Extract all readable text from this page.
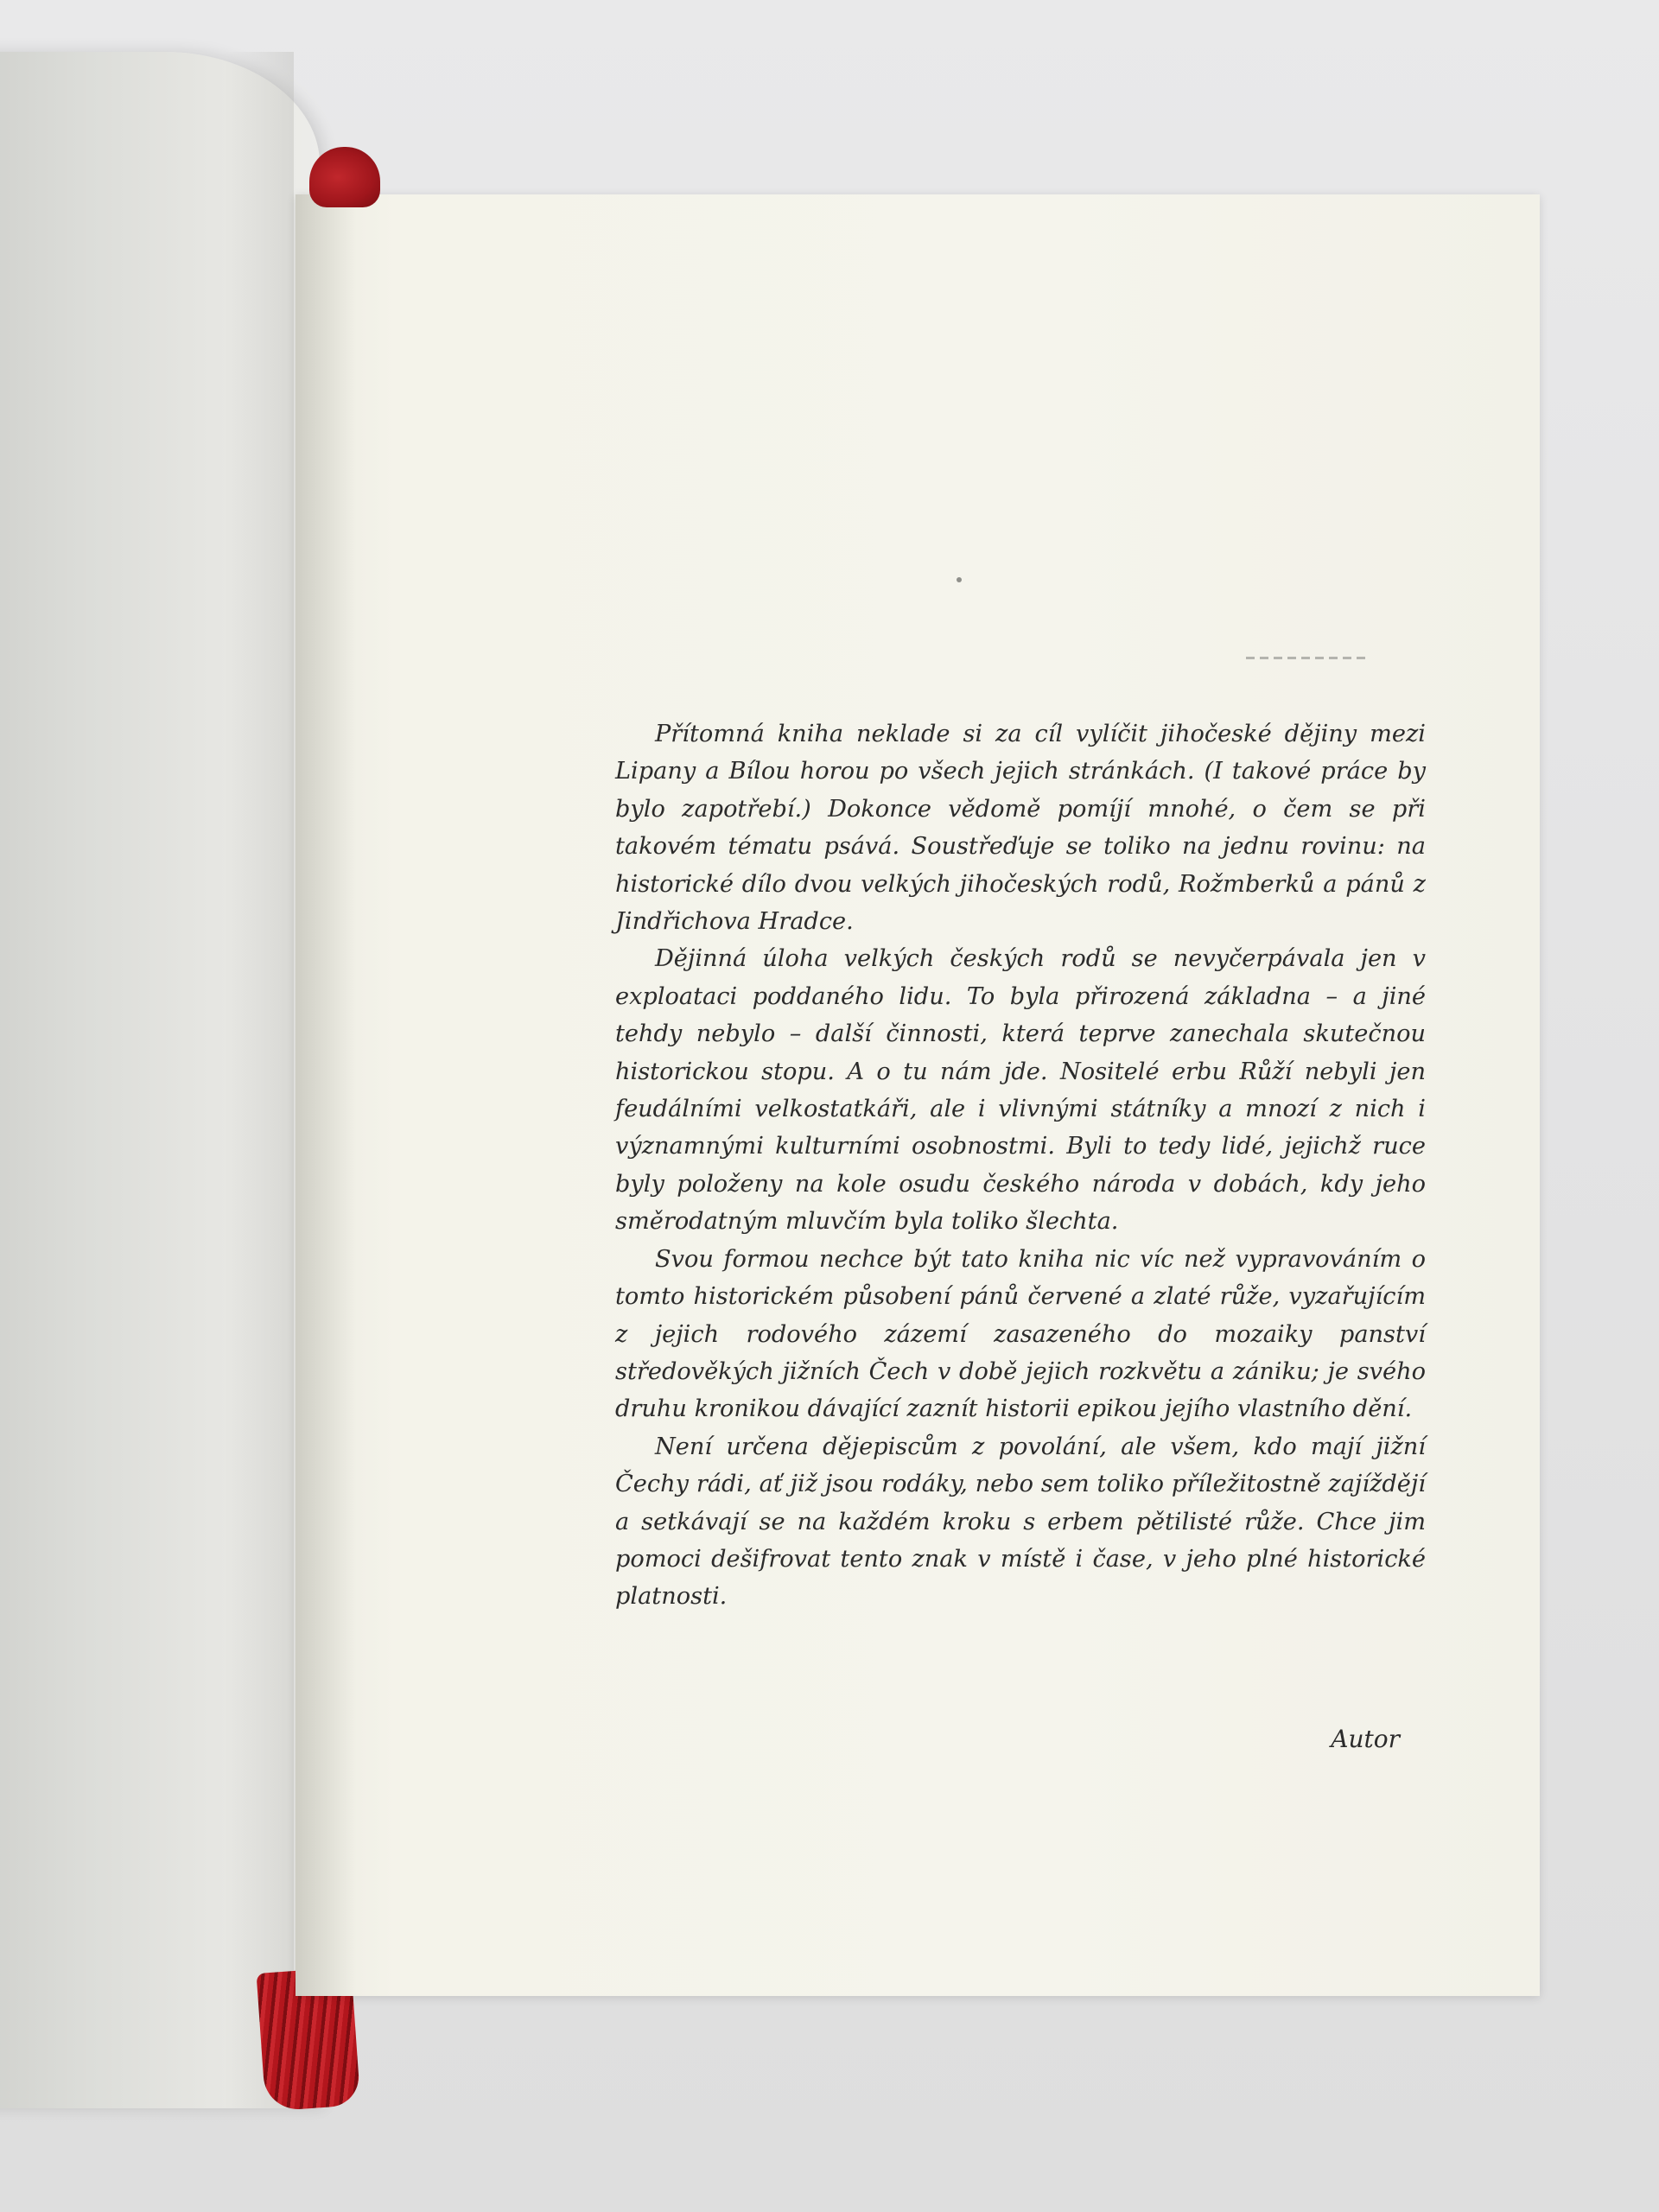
Přítomná kniha neklade si za cíl vylíčit jihočeské dějiny mezi Lipany a Bílou horou po všech jejich stránkách. (I takové práce by bylo zapotřebí.) Dokonce vědomě pomíjí mnohé, o čem se při takovém tématu psává. Soustřeďuje se toliko na jednu rovinu: na historické dílo dvou velkých jihočeských rodů, Rožmberků a pánů z Jindřichova Hradce.

Dějinná úloha velkých českých rodů se nevyčerpávala jen v exploataci poddaného lidu. To byla přirozená základna – a jiné tehdy nebylo – další činnosti, která teprve zanechala skutečnou historickou stopu. A o tu nám jde. Nositelé erbu Růží nebyli jen feudálními velkostatkáři, ale i vlivnými státníky a mnozí z nich i významnými kulturními osobnostmi. Byli to tedy lidé, jejichž ruce byly položeny na kole osudu českého národa v dobách, kdy jeho směrodatným mluvčím byla toliko šlechta.

Svou formou nechce být tato kniha nic víc než vypravováním o tomto historickém působení pánů červené a zlaté růže, vyzařujícím z jejich rodového zázemí zasazeného do mozaiky panství středověkých jižních Čech v době jejich rozkvětu a zániku; je svého druhu kronikou dávající zaznít historii epikou jejího vlastního dění.

Není určena dějepiscům z povolání, ale všem, kdo mají jižní Čechy rádi, ať již jsou rodáky, nebo sem toliko příležitostně zajíždějí a setkávají se na každém kroku s erbem pětilisté růže. Chce jim pomoci dešifrovat tento znak v místě i čase, v jeho plné historické platnosti.

Autor
